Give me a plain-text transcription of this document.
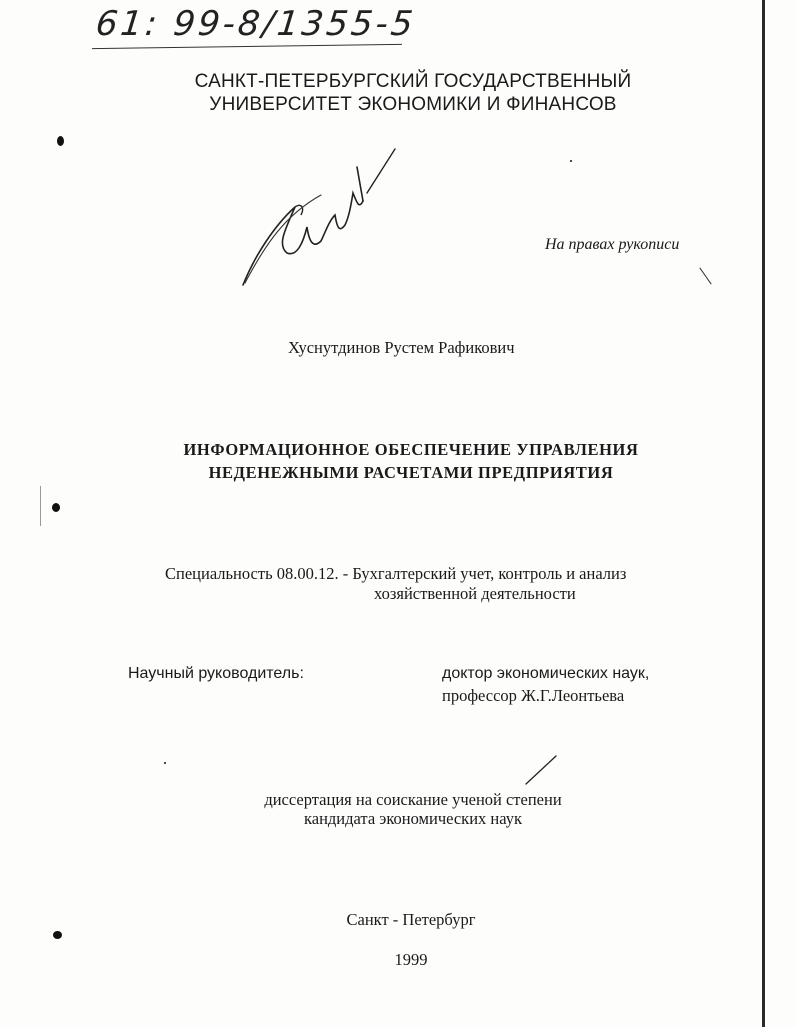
61: 99-8/1355-5
САНКТ-ПЕТЕРБУРГСКИЙ ГОСУДАРСТВЕННЫЙ
УНИВЕРСИТЕТ ЭКОНОМИКИ И ФИНАНСОВ
На правах рукописи
Хуснутдинов Рустем Рафикович
ИНФОРМАЦИОННОЕ ОБЕСПЕЧЕНИЕ УПРАВЛЕНИЯ
НЕДЕНЕЖНЫМИ РАСЧЕТАМИ ПРЕДПРИЯТИЯ
Специальность 08.00.12. - Бухгалтерский учет, контроль и анализ
хозяйственной деятельности
Научный руководитель:	доктор экономических наук,
профессор Ж.Г.Леонтьева
диссертация на соискание ученой степени
кандидата экономических наук
Санкт - Петербург
1999
